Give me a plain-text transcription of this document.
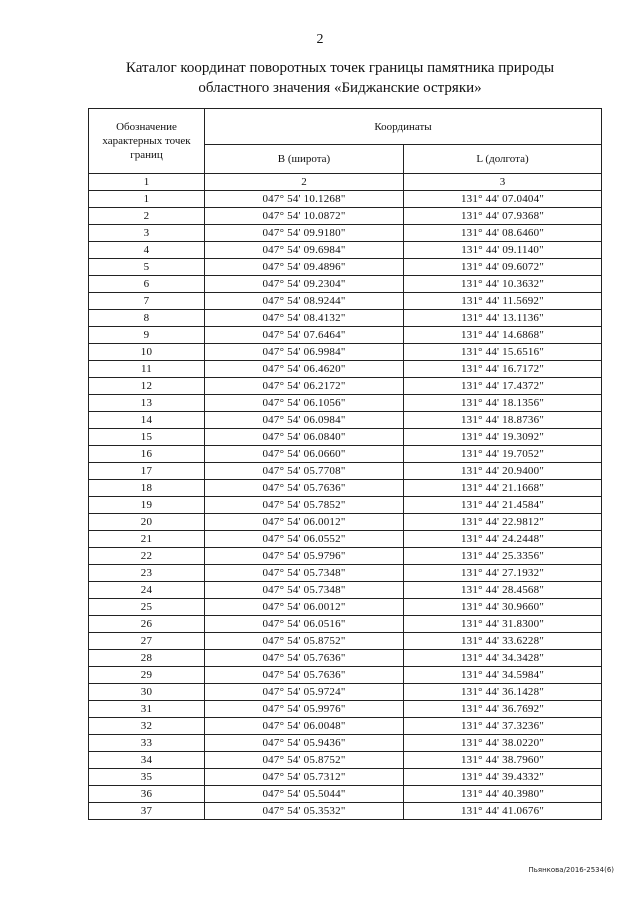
2
Каталог координат поворотных точек границы памятника природы
областного значения «Биджанские остряки»
Обозначение характерных точек границ	Координаты	
	B (широта)	L (долгота)
1	2	3
1	047° 54' 10.1268"	131° 44' 07.0404"
2	047° 54' 10.0872"	131° 44' 07.9368"
3	047° 54' 09.9180"	131° 44' 08.6460"
4	047° 54' 09.6984"	131° 44' 09.1140"
5	047° 54' 09.4896"	131° 44' 09.6072"
6	047° 54' 09.2304"	131° 44' 10.3632"
7	047° 54' 08.9244"	131° 44' 11.5692"
8	047° 54' 08.4132"	131° 44' 13.1136"
9	047° 54' 07.6464"	131° 44' 14.6868"
10	047° 54' 06.9984"	131° 44' 15.6516"
11	047° 54' 06.4620"	131° 44' 16.7172"
12	047° 54' 06.2172"	131° 44' 17.4372"
13	047° 54' 06.1056"	131° 44' 18.1356"
14	047° 54' 06.0984"	131° 44' 18.8736"
15	047° 54' 06.0840"	131° 44' 19.3092"
16	047° 54' 06.0660"	131° 44' 19.7052"
17	047° 54' 05.7708"	131° 44' 20.9400"
18	047° 54' 05.7636"	131° 44' 21.1668"
19	047° 54' 05.7852"	131° 44' 21.4584"
20	047° 54' 06.0012"	131° 44' 22.9812"
21	047° 54' 06.0552"	131° 44' 24.2448"
22	047° 54' 05.9796"	131° 44' 25.3356"
23	047° 54' 05.7348"	131° 44' 27.1932"
24	047° 54' 05.7348"	131° 44' 28.4568"
25	047° 54' 06.0012"	131° 44' 30.9660"
26	047° 54' 06.0516"	131° 44' 31.8300"
27	047° 54' 05.8752"	131° 44' 33.6228"
28	047° 54' 05.7636"	131° 44' 34.3428"
29	047° 54' 05.7636"	131° 44' 34.5984"
30	047° 54' 05.9724"	131° 44' 36.1428"
31	047° 54' 05.9976"	131° 44' 36.7692"
32	047° 54' 06.0048"	131° 44' 37.3236"
33	047° 54' 05.9436"	131° 44' 38.0220"
34	047° 54' 05.8752"	131° 44' 38.7960"
35	047° 54' 05.7312"	131° 44' 39.4332"
36	047° 54' 05.5044"	131° 44' 40.3980"
37	047° 54' 05.3532"	131° 44' 41.0676"
Пьянкова/2016-2534(6)
